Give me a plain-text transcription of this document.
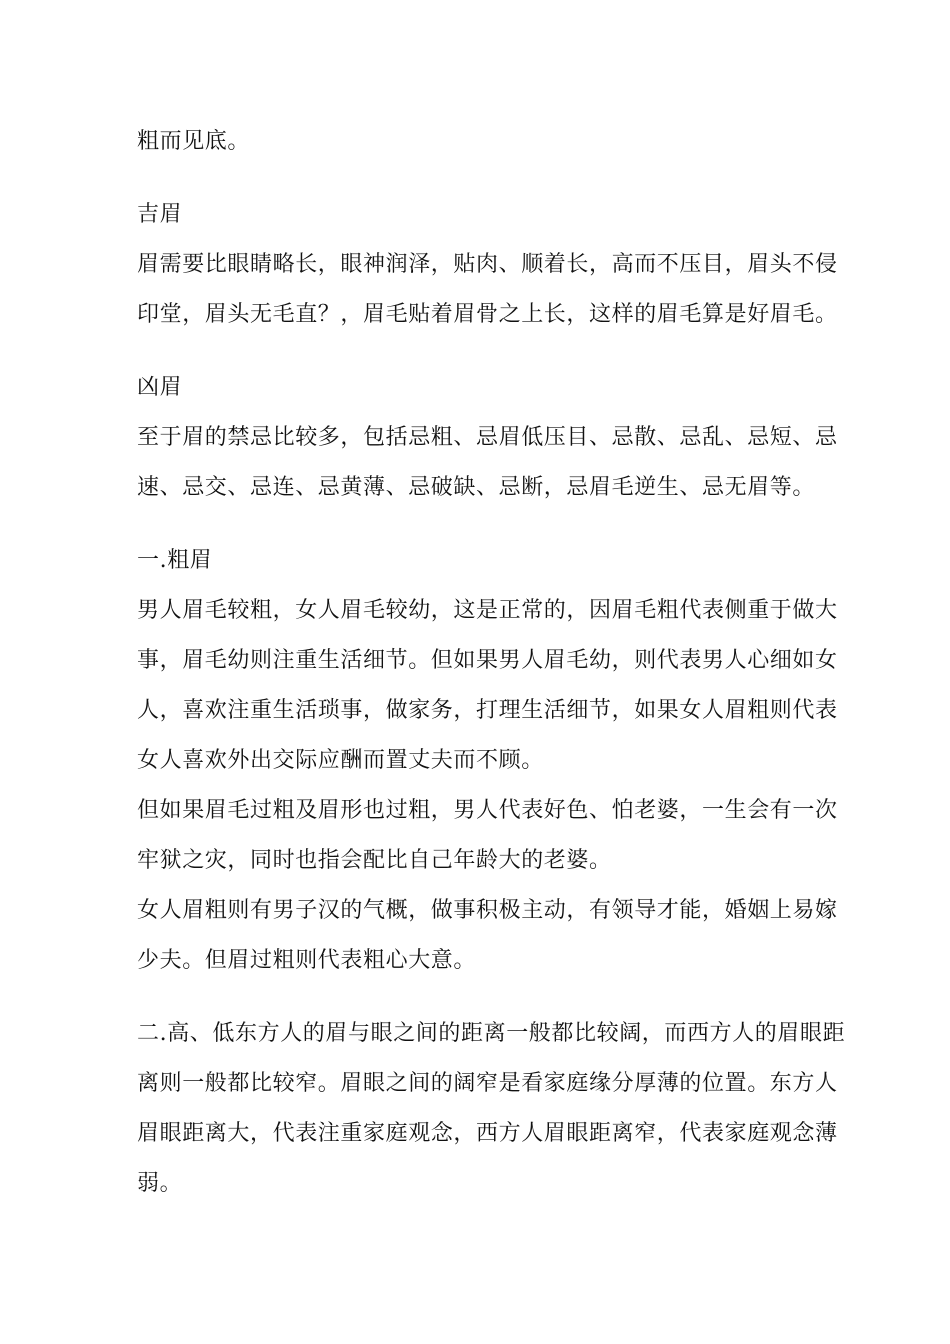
粗而见底。
吉眉
眉需要比眼睛略长，眼神润泽，贴肉、顺着长，高而不压目，眉头不侵
印堂，眉头无毛直？，眉毛贴着眉骨之上长，这样的眉毛算是好眉毛。
凶眉
至于眉的禁忌比较多，包括忌粗、忌眉低压目、忌散、忌乱、忌短、忌
速、忌交、忌连、忌黄薄、忌破缺、忌断，忌眉毛逆生、忌无眉等。
一.粗眉
男人眉毛较粗，女人眉毛较幼，这是正常的，因眉毛粗代表侧重于做大
事，眉毛幼则注重生活细节。但如果男人眉毛幼，则代表男人心细如女
人，喜欢注重生活琐事，做家务，打理生活细节，如果女人眉粗则代表
女人喜欢外出交际应酬而置丈夫而不顾。
但如果眉毛过粗及眉形也过粗，男人代表好色、怕老婆，一生会有一次
牢狱之灾，同时也指会配比自己年龄大的老婆。
女人眉粗则有男子汉的气概，做事积极主动，有领导才能，婚姻上易嫁
少夫。但眉过粗则代表粗心大意。
二.高、低东方人的眉与眼之间的距离一般都比较阔，而西方人的眉眼距
离则一般都比较窄。眉眼之间的阔窄是看家庭缘分厚薄的位置。东方人
眉眼距离大，代表注重家庭观念，西方人眉眼距离窄，代表家庭观念薄
弱。
